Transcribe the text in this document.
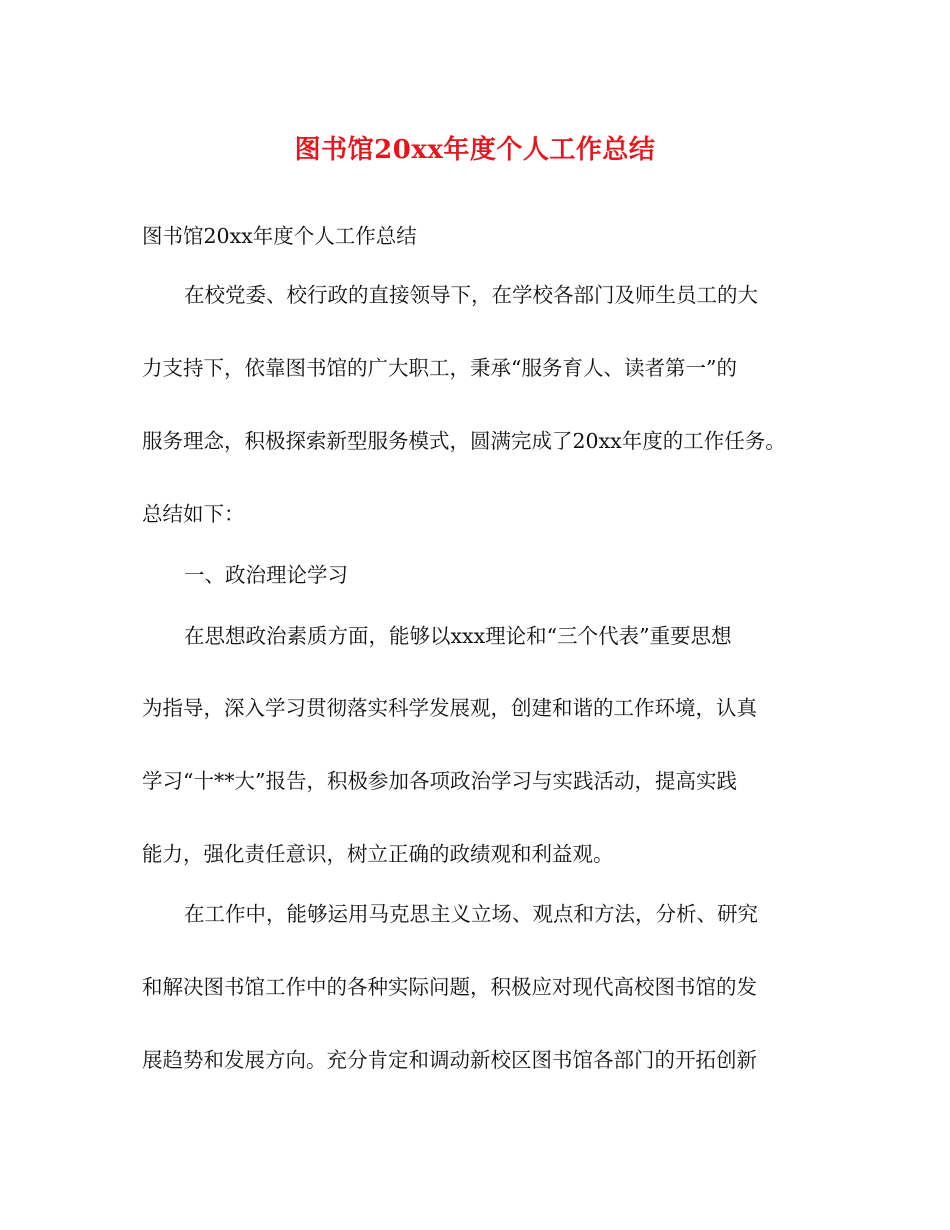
图书馆20xx年度个人工作总结
图书馆20xx年度个人工作总结
在校党委、校行政的直接领导下，在学校各部门及师生员工的大
力支持下，依靠图书馆的广大职工，秉承“服务育人、读者第一”的
服务理念，积极探索新型服务模式，圆满完成了20xx年度的工作任务。
总结如下：
一、政治理论学习
在思想政治素质方面，能够以xxx理论和“三个代表”重要思想
为指导，深入学习贯彻落实科学发展观，创建和谐的工作环境，认真
学习“十**大”报告，积极参加各项政治学习与实践活动，提高实践
能力，强化责任意识，树立正确的政绩观和利益观。
在工作中，能够运用马克思主义立场、观点和方法，分析、研究
和解决图书馆工作中的各种实际问题，积极应对现代高校图书馆的发
展趋势和发展方向。充分肯定和调动新校区图书馆各部门的开拓创新
